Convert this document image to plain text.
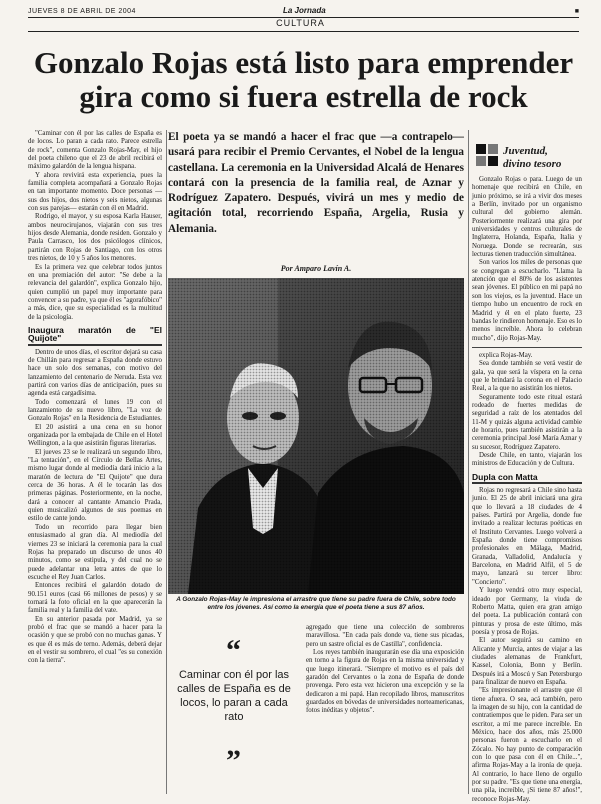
JUEVES 8 DE ABRIL DE 2004	La Jornada	■
CULTURA
Gonzalo Rojas está listo para emprender gira como si fuera estrella de rock

"Caminar con él por las calles de España es de locos. Lo paran a cada rato. Parece estrella de rock", comenta Gonzalo Rojas-May, el hijo del poeta chileno que el 23 de abril recibirá el máximo galardón de la lengua hispana.

Y ahora revivirá esta experiencia, pues la familia completa acompañará a Gonzalo Rojas en tan importante momento. Doce personas —sus dos hijos, dos nietos y seis nietos, algunas con sus parejas— estarán con él en Madrid.

Rodrigo, el mayor, y su esposa Karla Hauser, ambos neurocirujanos, viajarán con sus tres hijos desde Alemania, donde residen. Gonzalo y Paula Carrasco, los dos psicólogos clínicos, partirán con Rojas de Santiago, con los otros tres nietos, de 10 y 5 años los menores.

Es la primera vez que celebrar todos juntos en una premiación del autor: "Se debe a la relevancia del galardón", explica Gonzalo hijo, quien cumplió un papel muy importante para convencer a su padre, ya que él es "agorafóbico" a más, dice, que su especialidad es la multitud de la psicología.

Inaugura maratón de "El Quijote"

Dentro de unos días, el escritor dejará su casa de Chillán para regresar a España donde estuvo hace un solo dos semanas, con motivo del lanzamiento del centenario de Neruda. Esta vez partirá con varios días de anticipación, pues su agenda está cargadísima.

Todo comenzará el lunes 19 con el lanzamiento de su nuevo libro, "La voz de Gonzalo Rojas" en la Residencia de Estudiantes.

El 20 asistirá a una cena en su honor organizada por la embajada de Chile en el Hotel Wellington, a la que asistirán figuras literarias.

El jueves 23 se le realizará un segundo libro, "La tentación", en el Círculo de Bellas Artes, mismo lugar donde al mediodía dará inicio a la maratón de lectura de "El Quijote" que dura cerca de 36 horas. A él le tocarán las dos primeras páginas. Posteriormente, en la noche, dará a conocer al cantante Amancio Prada, quien musicalizó algunos de sus poemas en estilo de cante jondo.

Todo un recorrido para llegar bien entusiasmado al gran día. Al mediodía del viernes 23 se iniciará la ceremonia para la cual Rojas ha preparado un discurso de unos 40 minutos, como se estipula, y del cual no se puede adelantar una letra antes de que lo escuche el Rey Juan Carlos.

Entonces recibirá el galardón dotado de 90.151 euros (casi 66 millones de pesos) y se tornará la foto oficial en la que aparecerán la familia real y la familia del vate.

En su anterior pasada por Madrid, ya se probó el frac que se mandó a hacer para la ocasión y que se probó con no muchas ganas. Y es que él es más de terno. Además, deberá dejar en el vestir su sombrero, el cual "es su conexión con la tierra".

El poeta ya se mandó a hacer el frac que —a contrapelo— usará para recibir el Premio Cervantes, el Nobel de la lengua castellana. La ceremonia en la Universidad Alcalá de Henares contará con la presencia de la familia real, de Aznar y Rodríguez Zapatero. Después, vivirá un mes y medio de agitación total, recorriendo España, Argelia, Rusia y Alemania.
Por Amparo Lavín A.
A Gonzalo Rojas-May le impresiona el arrastre que tiene su padre fuera de Chile, sobre todo entre los jóvenes. Así como la energía que el poeta tiene a sus 87 años.
“
Caminar con él por las calles de España es de locos, lo paran a cada rato
”

agregado que tiene una colección de sombreros maravillosa. "En cada país donde va, tiene sus picadas, pero un sastre oficial es de Castilla", confidencia.

Los reyes también inaugurarán ese día una exposición en torno a la figura de Rojas en la misma universidad y que luego itinerará. "Siempre el motivo es el país del garadón del Cervantes o la zona de España de donde provenga. Pero esta vez hicieron una excepción y se la dedicaron a mi papá. Han recopilado libros, manuscritos guardados en bóvedas de universidades norteamericanas, fotos inéditas y objetos".

Juventud,
divino tesoro

Gonzalo Rojas o para. Luego de un homenaje que recibirá en Chile, en junio próximo, se irá a vivir dos meses a Berlín, invitado por un organismo cultural del gobierno alemán. Posteriormente realizará una gira por universidades y centros culturales de Inglaterra, Holanda, España, Italia y Noruega. Donde se recrearán, sus lecturas tienen traducción simultánea.

Son varios los miles de personas que se congregan a escucharlo. "Llama la atención que el 80% de los asistentes sean jóvenes. El público en mi papá no son los viejos, es la juventud. Hace un tiempo hubo un encuentro de rock en Madrid y él en el plato fuerte, 23 bandas le rindieron homenaje. Eso es lo menos increíble. Ahora lo celebran mucho", dijo Rojas-May.

explica Rojas-May.

Sea donde también se verá vestir de gala, ya que será la víspera en la cena que le brindará la corona en el Palacio Real, a la que no asistirán los nietos.

Seguramente todo este ritual estará rodeado de fuertes medidas de seguridad a raíz de los atentados del 11-M y quizás alguna actividad cambie de horario, pues también asistirán a la ceremonia principal José María Aznar y su sucesor, Rodríguez Zapatero.

Desde Chile, en tanto, viajarán los ministros de Educación y de Cultura.

Dupla con Matta

Rojas no regresará a Chile sino hasta junio. El 25 de abril iniciará una gira que lo llevará a 18 ciudades de 4 países. Partirá por Argelia, donde fue invitado a realizar lecturas poéticas en el Instituto Cervantes. Luego volverá a España donde tiene compromisos profesionales en Málaga, Madrid, Granada, Valladolid, Andalucía y Barcelona, en Madrid Alfil, el 5 de mayo, lanzará su tercer libro: "Concierto".

Y luego vendrá otro muy especial, ideado por Germany, la viuda de Roberto Matta, quien era gran amigo del poeta. La publicación contará con pinturas y prosa de este último, más poesía y prosa de Rojas.

El autor seguirá su camino en Alicante y Murcia, antes de viajar a las ciudades alemanas de Frankfurt, Kassel, Colonia, Bonn y Berlín. Después irá a Moscú y San Petersburgo para finalizar de nuevo en España.

"Es impresionante el arrastre que él tiene afuera. O sea, acá también, pero la imagen de su hijo, con la cantidad de contratiempos que le piden. Para ser un escritor, a mí me parece increíble. En México, hace dos años, más 25.000 personas fueron a escucharlo en el Zócalo. No hay punto de comparación con lo que pasa con él en Chile...", afirma Rojas-May a la ironía de queja. Al contrario, lo hace lleno de orgullo por su padre. "Es que tiene una energía, una pila, increíble, ¡Si tiene 87 años!", reconoce Rojas-May.
